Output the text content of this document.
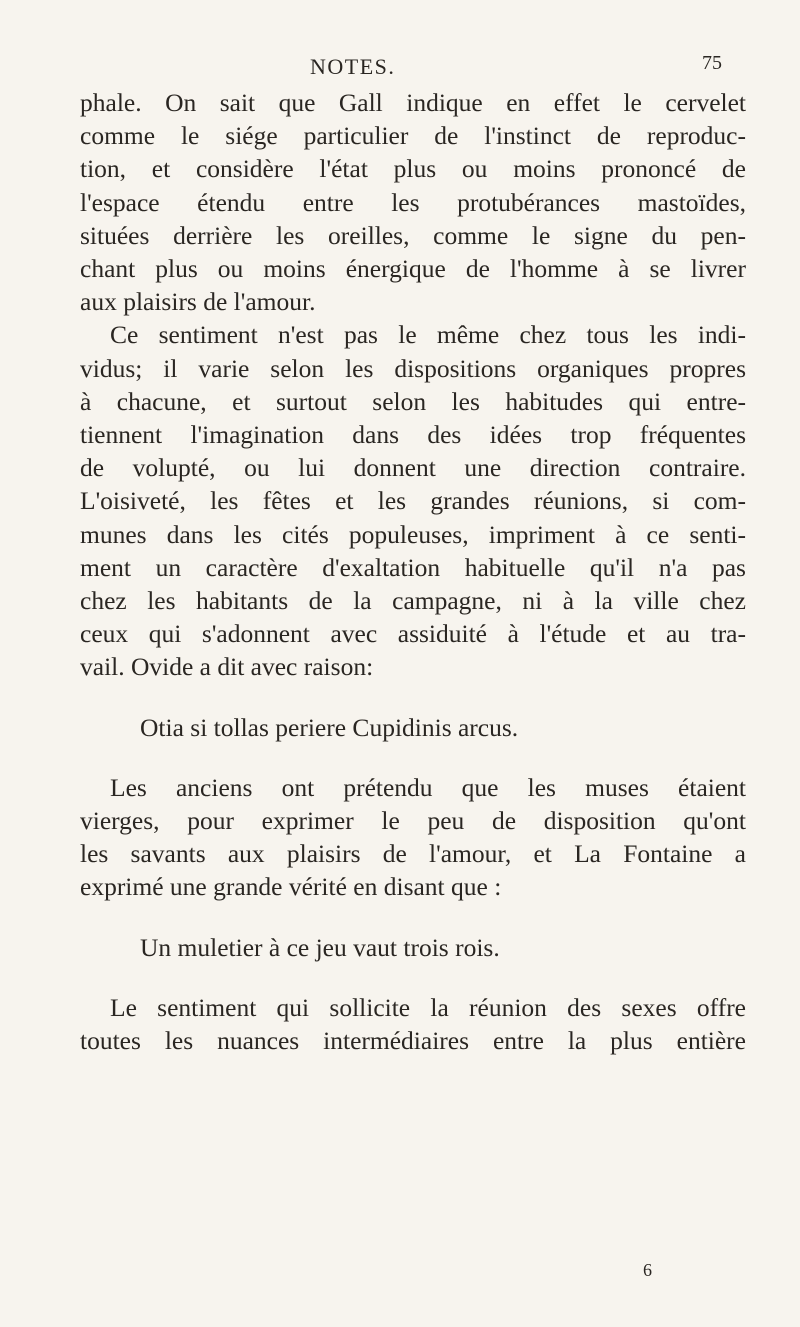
NOTES.	75
phale. On sait que Gall indique en effet le cervelet
comme le siége particulier de l'instinct de reproduc-
tion, et considère l'état plus ou moins prononcé de
l'espace étendu entre les protubérances mastoïdes,
situées derrière les oreilles, comme le signe du pen-
chant plus ou moins énergique de l'homme à se livrer
aux plaisirs de l'amour.
Ce sentiment n'est pas le même chez tous les indi-
vidus; il varie selon les dispositions organiques propres
à chacune, et surtout selon les habitudes qui entre-
tiennent l'imagination dans des idées trop fréquentes
de volupté, ou lui donnent une direction contraire.
L'oisiveté, les fêtes et les grandes réunions, si com-
munes dans les cités populeuses, impriment à ce senti-
ment un caractère d'exaltation habituelle qu'il n'a pas
chez les habitants de la campagne, ni à la ville chez
ceux qui s'adonnent avec assiduité à l'étude et au tra-
vail. Ovide a dit avec raison:
Otia si tollas periere Cupidinis arcus.
Les anciens ont prétendu que les muses étaient
vierges, pour exprimer le peu de disposition qu'ont
les savants aux plaisirs de l'amour, et La Fontaine a
exprimé une grande vérité en disant que :
Un muletier à ce jeu vaut trois rois.
Le sentiment qui sollicite la réunion des sexes offre
toutes les nuances intermédiaires entre la plus entière
6
